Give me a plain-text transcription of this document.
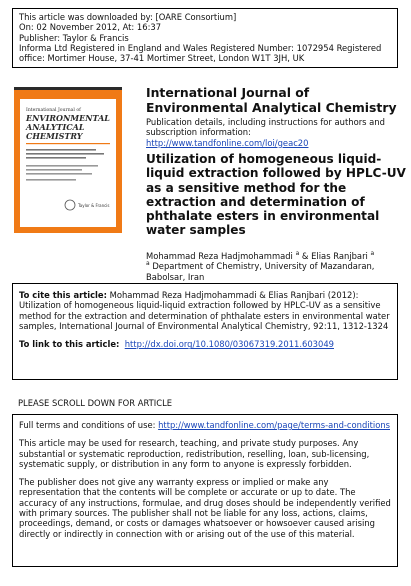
This article was downloaded by: [OARE Consortium]
On: 02 November 2012, At: 16:37
Publisher: Taylor & Francis
Informa Ltd Registered in England and Wales Registered Number: 1072954 Registered office: Mortimer House, 37-41 Mortimer Street, London W1T 3JH, UK
International Journal of
ENVIRONMENTAL
ANALYTICAL
CHEMISTRY
Taylor & Francis
International Journal of Environmental Analytical Chemistry
Publication details, including instructions for authors and subscription information:
http://www.tandfonline.com/loi/geac20
Utilization of homogeneous liquid-liquid extraction followed by HPLC-UV as a sensitive method for the extraction and determination of phthalate esters in environmental water samples
Mohammad Reza Hadjmohammadi $^a$ & Elias Ranjbari $^a$
$^a$ Department of Chemistry, University of Mazandaran, Babolsar, Iran

To cite this article: Mohammad Reza Hadjmohammadi & Elias Ranjbari (2012): Utilization of homogeneous liquid-liquid extraction followed by HPLC-UV as a sensitive method for the extraction and determination of phthalate esters in environmental water samples, International Journal of Environmental Analytical Chemistry, 92:11, 1312-1324

To link to this article: http://dx.doi.org/10.1080/03067319.2011.603049

PLEASE SCROLL DOWN FOR ARTICLE

Full terms and conditions of use: http://www.tandfonline.com/page/terms-and-conditions

This article may be used for research, teaching, and private study purposes. Any substantial or systematic reproduction, redistribution, reselling, loan, sub-licensing, systematic supply, or distribution in any form to anyone is expressly forbidden.

The publisher does not give any warranty express or implied or make any representation that the contents will be complete or accurate or up to date. The accuracy of any instructions, formulae, and drug doses should be independently verified with primary sources. The publisher shall not be liable for any loss, actions, claims, proceedings, demand, or costs or damages whatsoever or howsoever caused arising directly or indirectly in connection with or arising out of the use of this material.
